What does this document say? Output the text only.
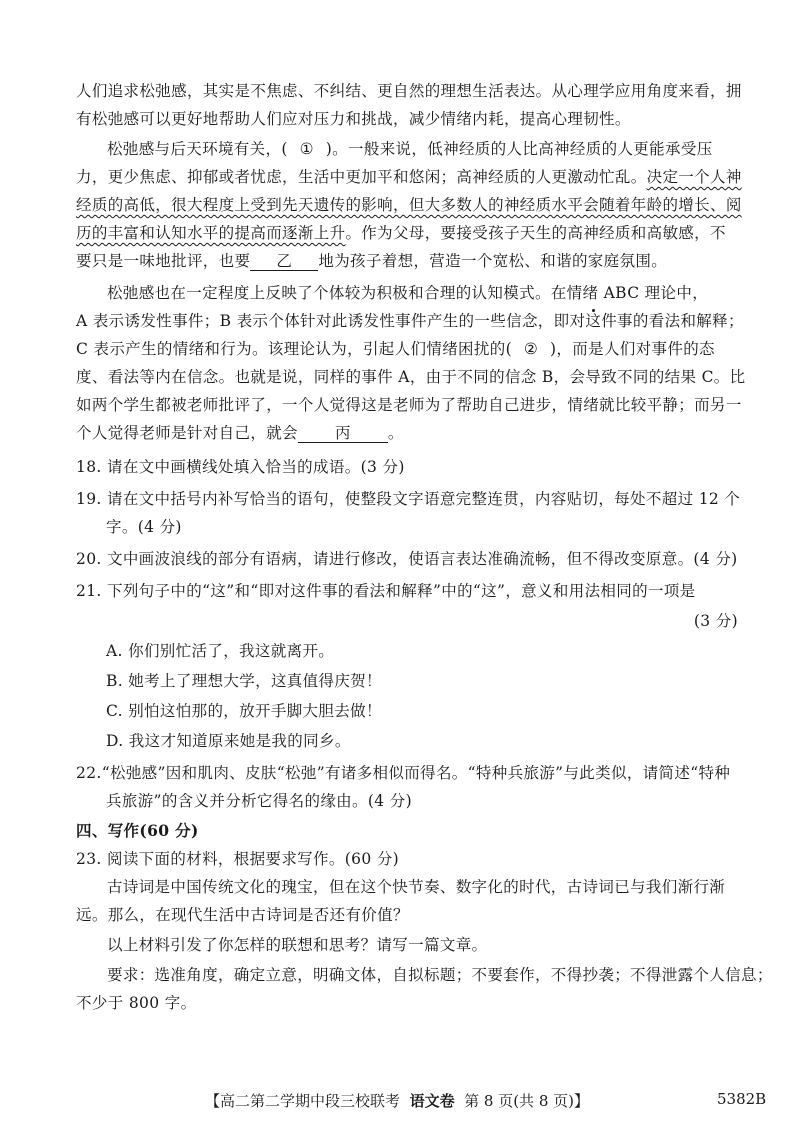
人们追求松弛感，其实是不焦虑、不纠结、更自然的理想生活表达。从心理学应用角度来看，拥
有松弛感可以更好地帮助人们应对压力和挑战，减少情绪内耗，提高心理韧性。
松弛感与后天环境有关，( ① )。一般来说，低神经质的人比高神经质的人更能承受压
力，更少焦虑、抑郁或者忧虑，生活中更加平和悠闲；高神经质的人更激动忙乱。决定一个人神
经质的高低，很大程度上受到先天遗传的影响，但大多数人的神经质水平会随着年龄的增长、阅
历的丰富和认知水平的提高而逐渐上升。作为父母，要接受孩子天生的高神经质和高敏感，不
要只是一味地批评，也要 乙 地为孩子着想，营造一个宽松、和谐的家庭氛围。
松弛感也在一定程度上反映了个体较为积极和合理的认知模式。在情绪 ABC 理论中，
A 表示诱发性事件；B 表示个体针对此诱发性事件产生的一些信念，即对这件事的看法和解释；
C 表示产生的情绪和行为。该理论认为，引起人们情绪困扰的( ② )，而是人们对事件的态
度、看法等内在信念。也就是说，同样的事件 A，由于不同的信念 B，会导致不同的结果 C。比
如两个学生都被老师批评了，一个人觉得这是老师为了帮助自己进步，情绪就比较平静；而另一
个人觉得老师是针对自己，就会 丙 。
18. 请在文中画横线处填入恰当的成语。(3 分)
19. 请在文中括号内补写恰当的语句，使整段文字语意完整连贯，内容贴切，每处不超过 12 个
字。(4 分)
20. 文中画波浪线的部分有语病，请进行修改，使语言表达准确流畅，但不得改变原意。(4 分)
21. 下列句子中的“这”和“即对这件事的看法和解释”中的“这”，意义和用法相同的一项是
(3 分)
A. 你们别忙活了，我这就离开。
B. 她考上了理想大学，这真值得庆贺！
C. 别怕这怕那的，放开手脚大胆去做！
D. 我这才知道原来她是我的同乡。
22.“松弛感”因和肌肉、皮肤“松弛”有诸多相似而得名。“特种兵旅游”与此类似，请简述“特种
兵旅游”的含义并分析它得名的缘由。(4 分)
四、写作(60 分)
23. 阅读下面的材料，根据要求写作。(60 分)
古诗词是中国传统文化的瑰宝，但在这个快节奏、数字化的时代，古诗词已与我们渐行渐
远。那么，在现代生活中古诗词是否还有价值？
以上材料引发了你怎样的联想和思考？请写一篇文章。
要求：选准角度，确定立意，明确文体，自拟标题；不要套作，不得抄袭；不得泄露个人信息；
不少于 800 字。
【高二第二学期中段三校联考 语文卷 第 8 页(共 8 页)】	5382B
